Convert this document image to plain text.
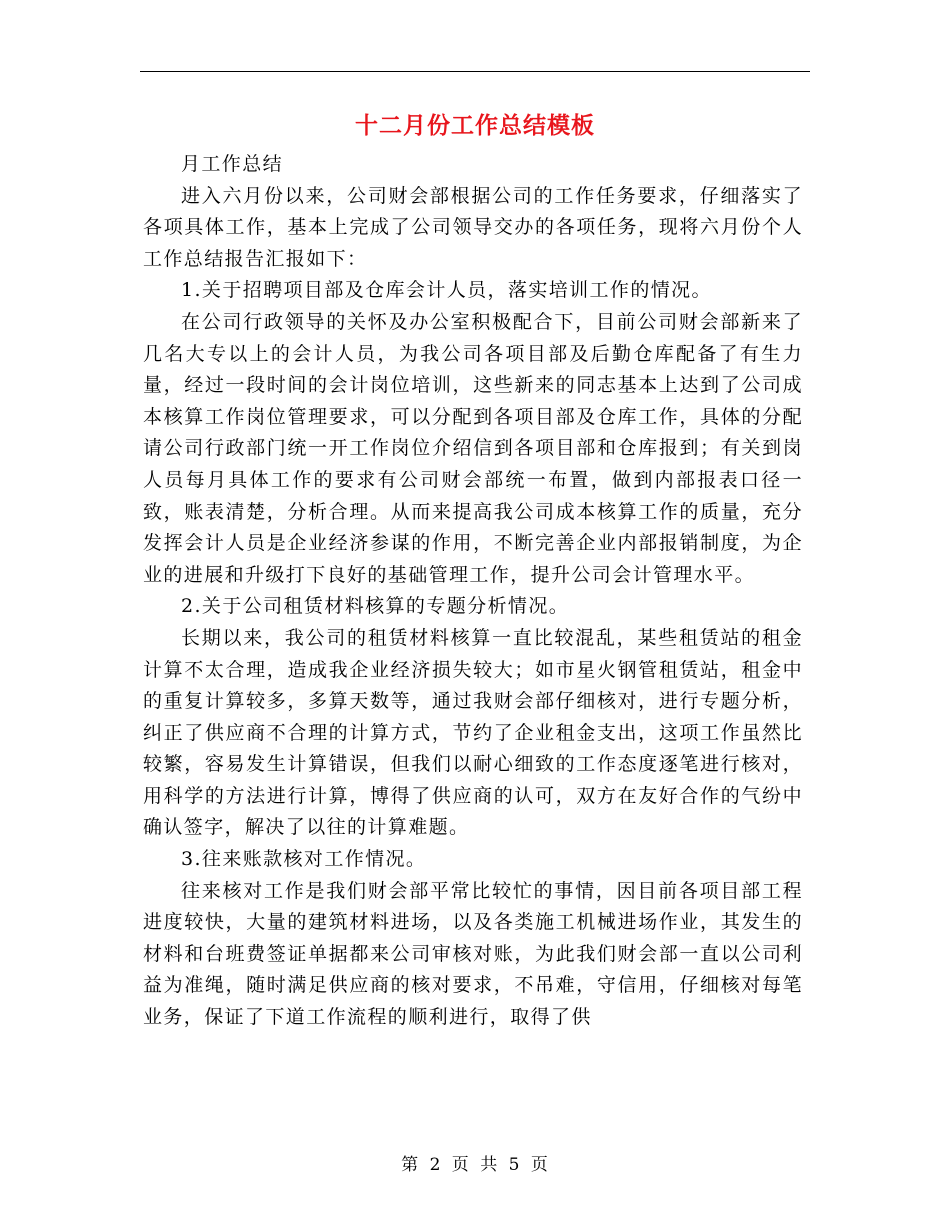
十二月份工作总结模板

月工作总结

进入六月份以来，公司财会部根据公司的工作任务要求，仔细落实了各项具体工作，基本上完成了公司领导交办的各项任务，现将六月份个人工作总结报告汇报如下：

1.关于招聘项目部及仓库会计人员，落实培训工作的情况。

在公司行政领导的关怀及办公室积极配合下，目前公司财会部新来了几名大专以上的会计人员，为我公司各项目部及后勤仓库配备了有生力量，经过一段时间的会计岗位培训，这些新来的同志基本上达到了公司成本核算工作岗位管理要求，可以分配到各项目部及仓库工作，具体的分配请公司行政部门统一开工作岗位介绍信到各项目部和仓库报到；有关到岗人员每月具体工作的要求有公司财会部统一布置，做到内部报表口径一致，账表清楚，分析合理。从而来提高我公司成本核算工作的质量，充分发挥会计人员是企业经济参谋的作用，不断完善企业内部报销制度，为企业的进展和升级打下良好的基础管理工作，提升公司会计管理水平。

2.关于公司租赁材料核算的专题分析情况。

长期以来，我公司的租赁材料核算一直比较混乱，某些租赁站的租金计算不太合理，造成我企业经济损失较大；如市星火钢管租赁站，租金中的重复计算较多，多算天数等，通过我财会部仔细核对，进行专题分析，纠正了供应商不合理的计算方式，节约了企业租金支出，这项工作虽然比较繁，容易发生计算错误，但我们以耐心细致的工作态度逐笔进行核对，用科学的方法进行计算，博得了供应商的认可，双方在友好合作的气纷中确认签字，解决了以往的计算难题。

3.往来账款核对工作情况。

往来核对工作是我们财会部平常比较忙的事情，因目前各项目部工程进度较快，大量的建筑材料进场，以及各类施工机械进场作业，其发生的材料和台班费签证单据都来公司审核对账，为此我们财会部一直以公司利益为准绳，随时满足供应商的核对要求，不吊难，守信用，仔细核对每笔业务，保证了下道工作流程的顺利进行，取得了供

第 2 页 共 5 页
